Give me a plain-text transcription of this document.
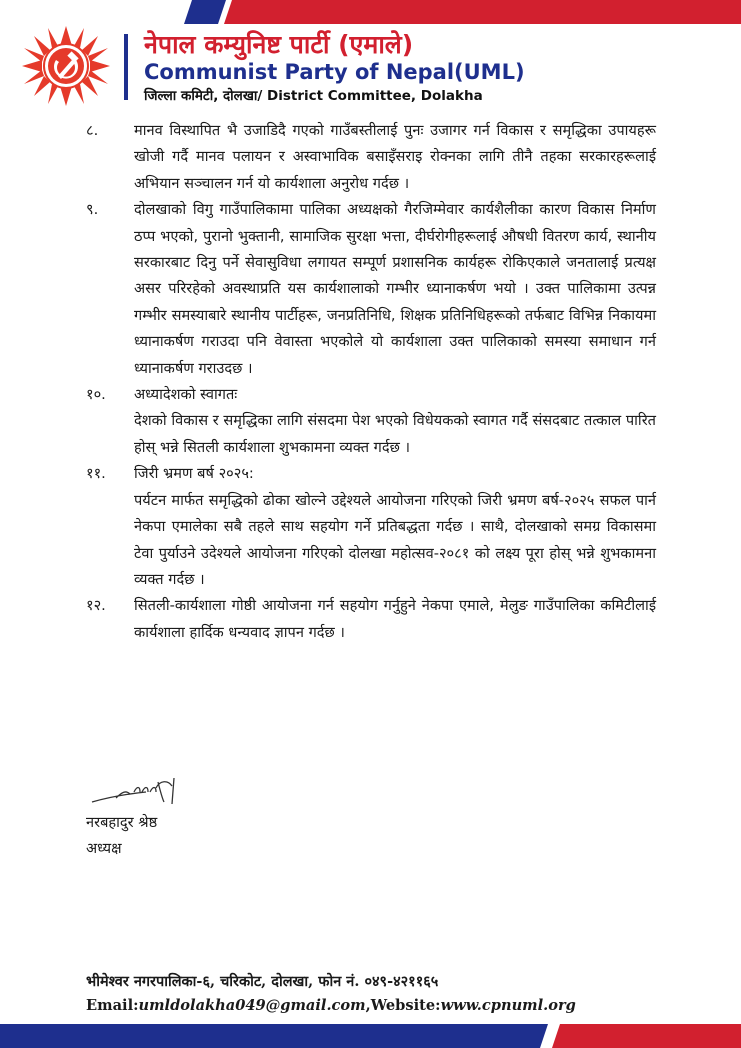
नेपाल कम्युनिष्ट पार्टी (एमाले)
Communist Party of Nepal(UML)
जिल्ला कमिटी, दोलखा/ District Committee, Dolakha
८.	मानव विस्थापित भै उजाडिदै गएको गाउँबस्तीलाई पुनः उजागर गर्न विकास र समृद्धिका उपायहरू खोजी गर्दै मानव पलायन र अस्वाभाविक बसाइँसराइ रोक्नका लागि तीनै तहका सरकारहरूलाई अभियान सञ्चालन गर्न यो कार्यशाला अनुरोध गर्दछ ।
९.	दोलखाको विगु गाउँपालिकामा पालिका अध्यक्षको गैरजिम्मेवार कार्यशैलीका कारण विकास निर्माण ठप्प भएको, पुरानो भुक्तानी, सामाजिक सुरक्षा भत्ता, दीर्घरोगीहरूलाई औषधी वितरण कार्य, स्थानीय सरकारबाट दिनु पर्ने सेवासुविधा लगायत सम्पूर्ण प्रशासनिक कार्यहरू रोकिएकाले जनतालाई प्रत्यक्ष असर परिरहेको अवस्थाप्रति यस कार्यशालाको गम्भीर ध्यानाकर्षण भयो । उक्त पालिकामा उत्पन्न गम्भीर समस्याबारे स्थानीय पार्टीहरू, जनप्रतिनिधि, शिक्षक प्रतिनिधिहरूको तर्फबाट विभिन्न निकायमा ध्यानाकर्षण गराउदा पनि वेवास्ता भएकोले यो कार्यशाला उक्त पालिकाको समस्या समाधान गर्न ध्यानाकर्षण गराउदछ ।
१०.	अध्यादेशको स्वागतः
देशको विकास र समृद्धिका लागि संसदमा पेश भएको विधेयकको स्वागत गर्दै संसदबाट तत्काल पारित होस् भन्ने सितली कार्यशाला शुभकामना व्यक्त गर्दछ ।
११.	जिरी भ्रमण बर्ष २०२५:
पर्यटन मार्फत समृद्धिको ढोका खोल्ने उद्देश्यले आयोजना गरिएको जिरी भ्रमण बर्ष-२०२५ सफल पार्न नेकपा एमालेका सबै तहले साथ सहयोग गर्ने प्रतिबद्धता गर्दछ । साथै, दोलखाको समग्र विकासमा टेवा पुर्याउने उदेश्यले आयोजना गरिएको दोलखा महोत्सव-२०८१ को लक्ष्य पूरा होस् भन्ने शुभकामना व्यक्त गर्दछ ।
१२.	सितली-कार्यशाला गोष्ठी आयोजना गर्न सहयोग गर्नुहुने नेकपा एमाले, मेलुङ गाउँपालिका कमिटीलाई कार्यशाला हार्दिक धन्यवाद ज्ञापन गर्दछ ।
नरबहादुर श्रेष्ठ
अध्यक्ष
भीमेश्वर नगरपालिका-६, चरिकोट, दोलखा, फोन नं. ०४९-४२११६५
Email:umldolakha049@gmail.com,Website:www.cpnuml.org
